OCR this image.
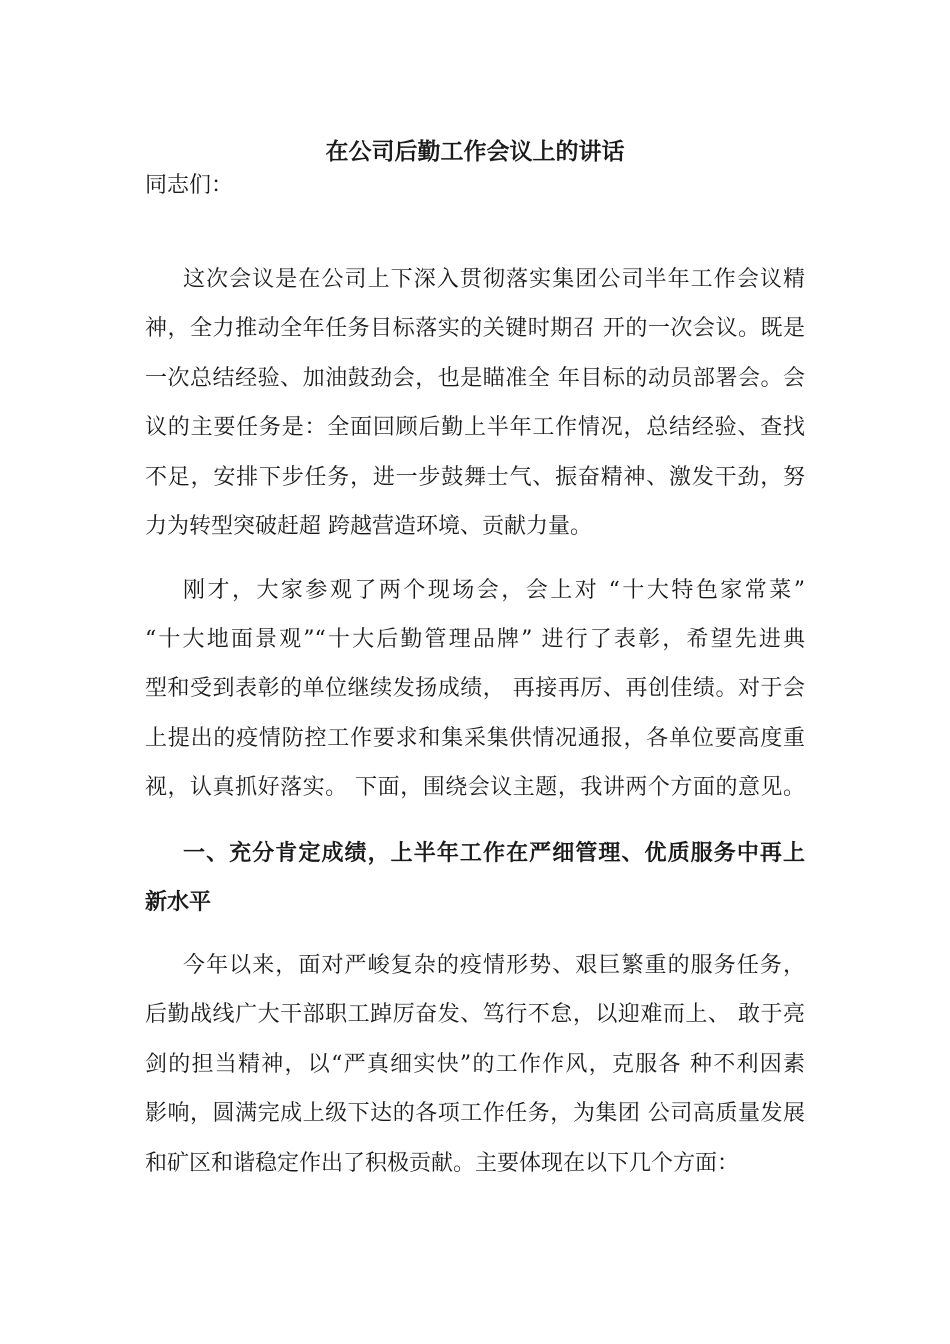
在公司后勤工作会议上的讲话
同志们：
这次会议是在公司上下深入贯彻落实集团公司半年工作会议精
神，全力推动全年任务目标落实的关键时期召 开的一次会议。既是
一次总结经验、加油鼓劲会，也是瞄准全 年目标的动员部署会。会
议的主要任务是：全面回顾后勤上半年工作情况，总结经验、查找
不足，安排下步任务，进一步鼓舞士气、振奋精神、激发干劲，努
力为转型突破赶超 跨越营造环境、贡献力量。
刚才，大家参观了两个现场会，会上对 “十大特色家常菜”
“十大地面景观”“十大后勤管理品牌” 进行了表彰，希望先进典
型和受到表彰的单位继续发扬成绩， 再接再厉、再创佳绩。对于会
上提出的疫情防控工作要求和集采集供情况通报，各单位要高度重
视，认真抓好落实。 下面，围绕会议主题，我讲两个方面的意见。
一、充分肯定成绩，上半年工作在严细管理、优质服务中再上
新水平
今年以来，面对严峻复杂的疫情形势、艰巨繁重的服务任务，
后勤战线广大干部职工踔厉奋发、笃行不怠，以迎难而上、 敢于亮
剑的担当精神，以“严真细实快”的工作作风，克服各 种不利因素
影响，圆满完成上级下达的各项工作任务，为集团 公司高质量发展
和矿区和谐稳定作出了积极贡献。主要体现在以下几个方面：
